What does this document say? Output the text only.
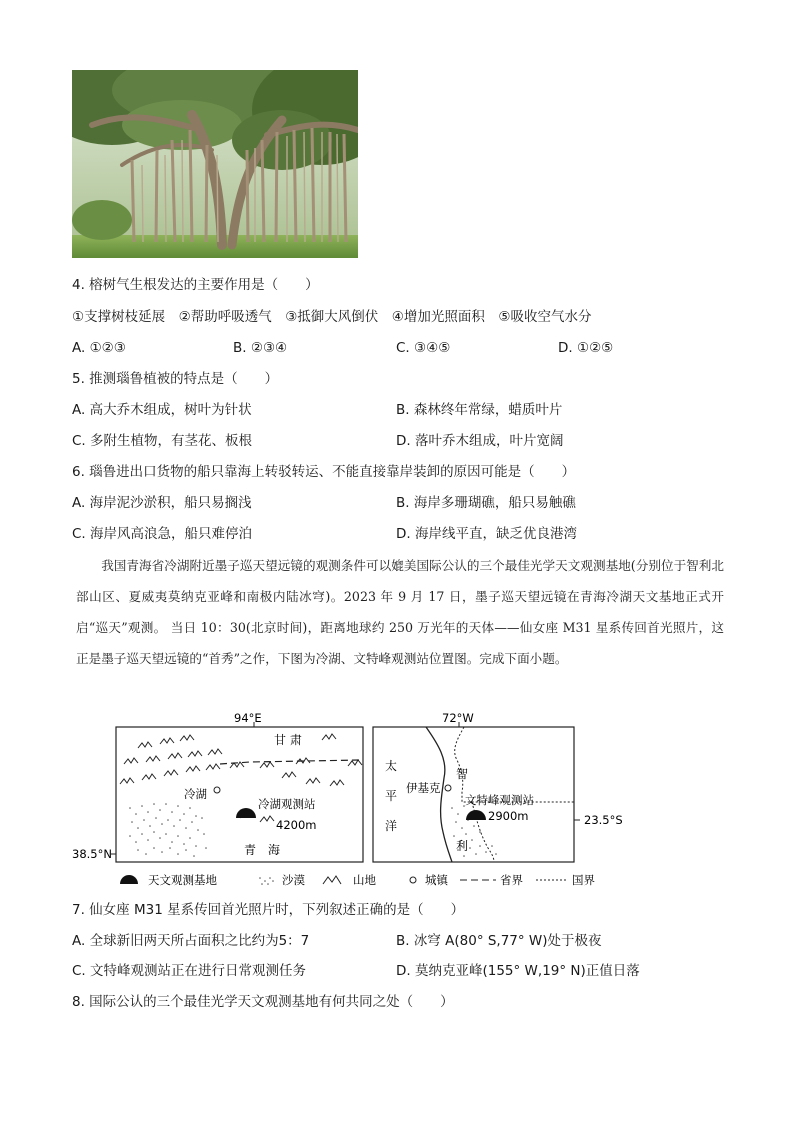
4. 榕树气生根发达的主要作用是（　　）
①支撑树枝延展　②帮助呼吸透气　③抵御大风倒伏　④增加光照面积　⑤吸收空气水分
A. ①②③	B. ②③④	C. ③④⑤	D. ①②⑤
5. 推测瑙鲁植被的特点是（　　）
A. 高大乔木组成，树叶为针状	B. 森林终年常绿，蜡质叶片
C. 多附生植物，有茎花、板根	D. 落叶乔木组成，叶片宽阔
6. 瑙鲁进出口货物的船只靠海上转驳转运、不能直接靠岸装卸的原因可能是（　　）
A. 海岸泥沙淤积，船只易搁浅	B. 海岸多珊瑚礁，船只易触礁
C. 海岸风高浪急，船只难停泊	D. 海岸线平直，缺乏优良港湾
我国青海省冷湖附近墨子巡天望远镜的观测条件可以媲美国际公认的三个最佳光学天文观测基地(分别位于智利北部山区、夏威夷莫纳克亚峰和南极内陆冰穹)。2023 年 9 月 17 日，墨子巡天望远镜在青海冷湖天文基地正式开启“巡天”观测。 当日 10：30(北京时间)，距离地球约 250 万光年的天体——仙女座 M31 星系传回首光照片，这正是墨子巡天望远镜的“首秀”之作，下图为冷湖、文特峰观测站位置图。完成下面小题。
94°E	72°W
冷湖
冷湖观测站
4200m
甘 肃
青　海
38.5°N
伊基克
文特峰观测站
2900m
太
平
洋
智
利
23.5°S
天文观测基地	沙漠	山地	城镇	省界	国界
7. 仙女座 M31 星系传回首光照片时，下列叙述正确的是（　　）
A. 全球新旧两天所占面积之比约为5：7	B. 冰穹 A(80° S,77° W)处于极夜
C. 文特峰观测站正在进行日常观测任务	D. 莫纳克亚峰(155° W,19° N)正值日落
8. 国际公认的三个最佳光学天文观测基地有何共同之处（　　）
